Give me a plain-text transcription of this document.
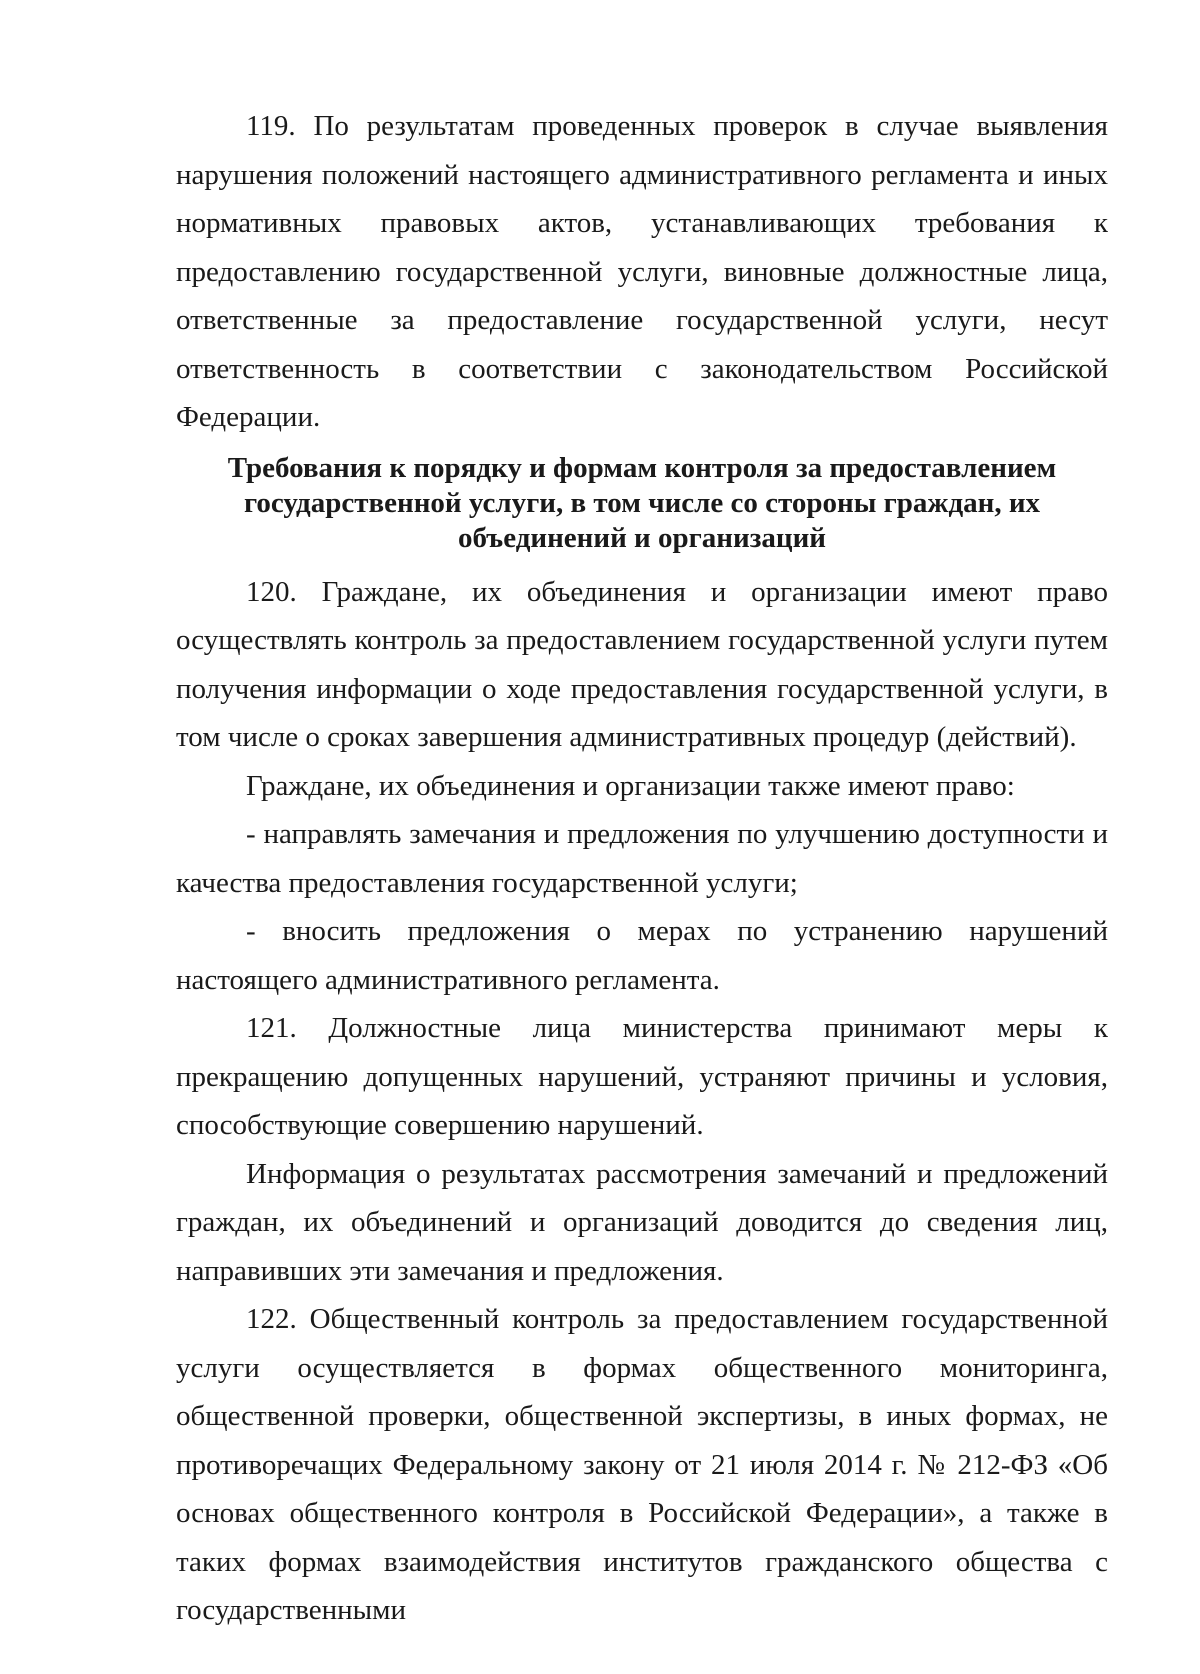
119. По результатам проведенных проверок в случае выявления нарушения положений настоящего административного регламента и иных нормативных правовых актов, устанавливающих требования к предоставлению государственной услуги, виновные должностные лица, ответственные за предоставление государственной услуги, несут ответственность в соответствии с законодательством Российской Федерации.

Требования к порядку и формам контроля за предоставлением государственной услуги, в том числе со стороны граждан, их объединений и организаций

120. Граждане, их объединения и организации имеют право осуществлять контроль за предоставлением государственной услуги путем получения информации о ходе предоставления государственной услуги, в том числе о сроках завершения административных процедур (действий).

Граждане, их объединения и организации также имеют право:

- направлять замечания и предложения по улучшению доступности и качества предоставления государственной услуги;

- вносить предложения о мерах по устранению нарушений настоящего административного регламента.

121. Должностные лица министерства принимают меры к прекращению допущенных нарушений, устраняют причины и условия, способствующие совершению нарушений.

Информация о результатах рассмотрения замечаний и предложений граждан, их объединений и организаций доводится до сведения лиц, направивших эти замечания и предложения.

122. Общественный контроль за предоставлением государственной услуги осуществляется в формах общественного мониторинга, общественной проверки, общественной экспертизы, в иных формах, не противоречащих Федеральному закону от 21 июля 2014 г. № 212-ФЗ «Об основах общественного контроля в Российской Федерации», а также в таких формах взаимодействия институтов гражданского общества с государственными
